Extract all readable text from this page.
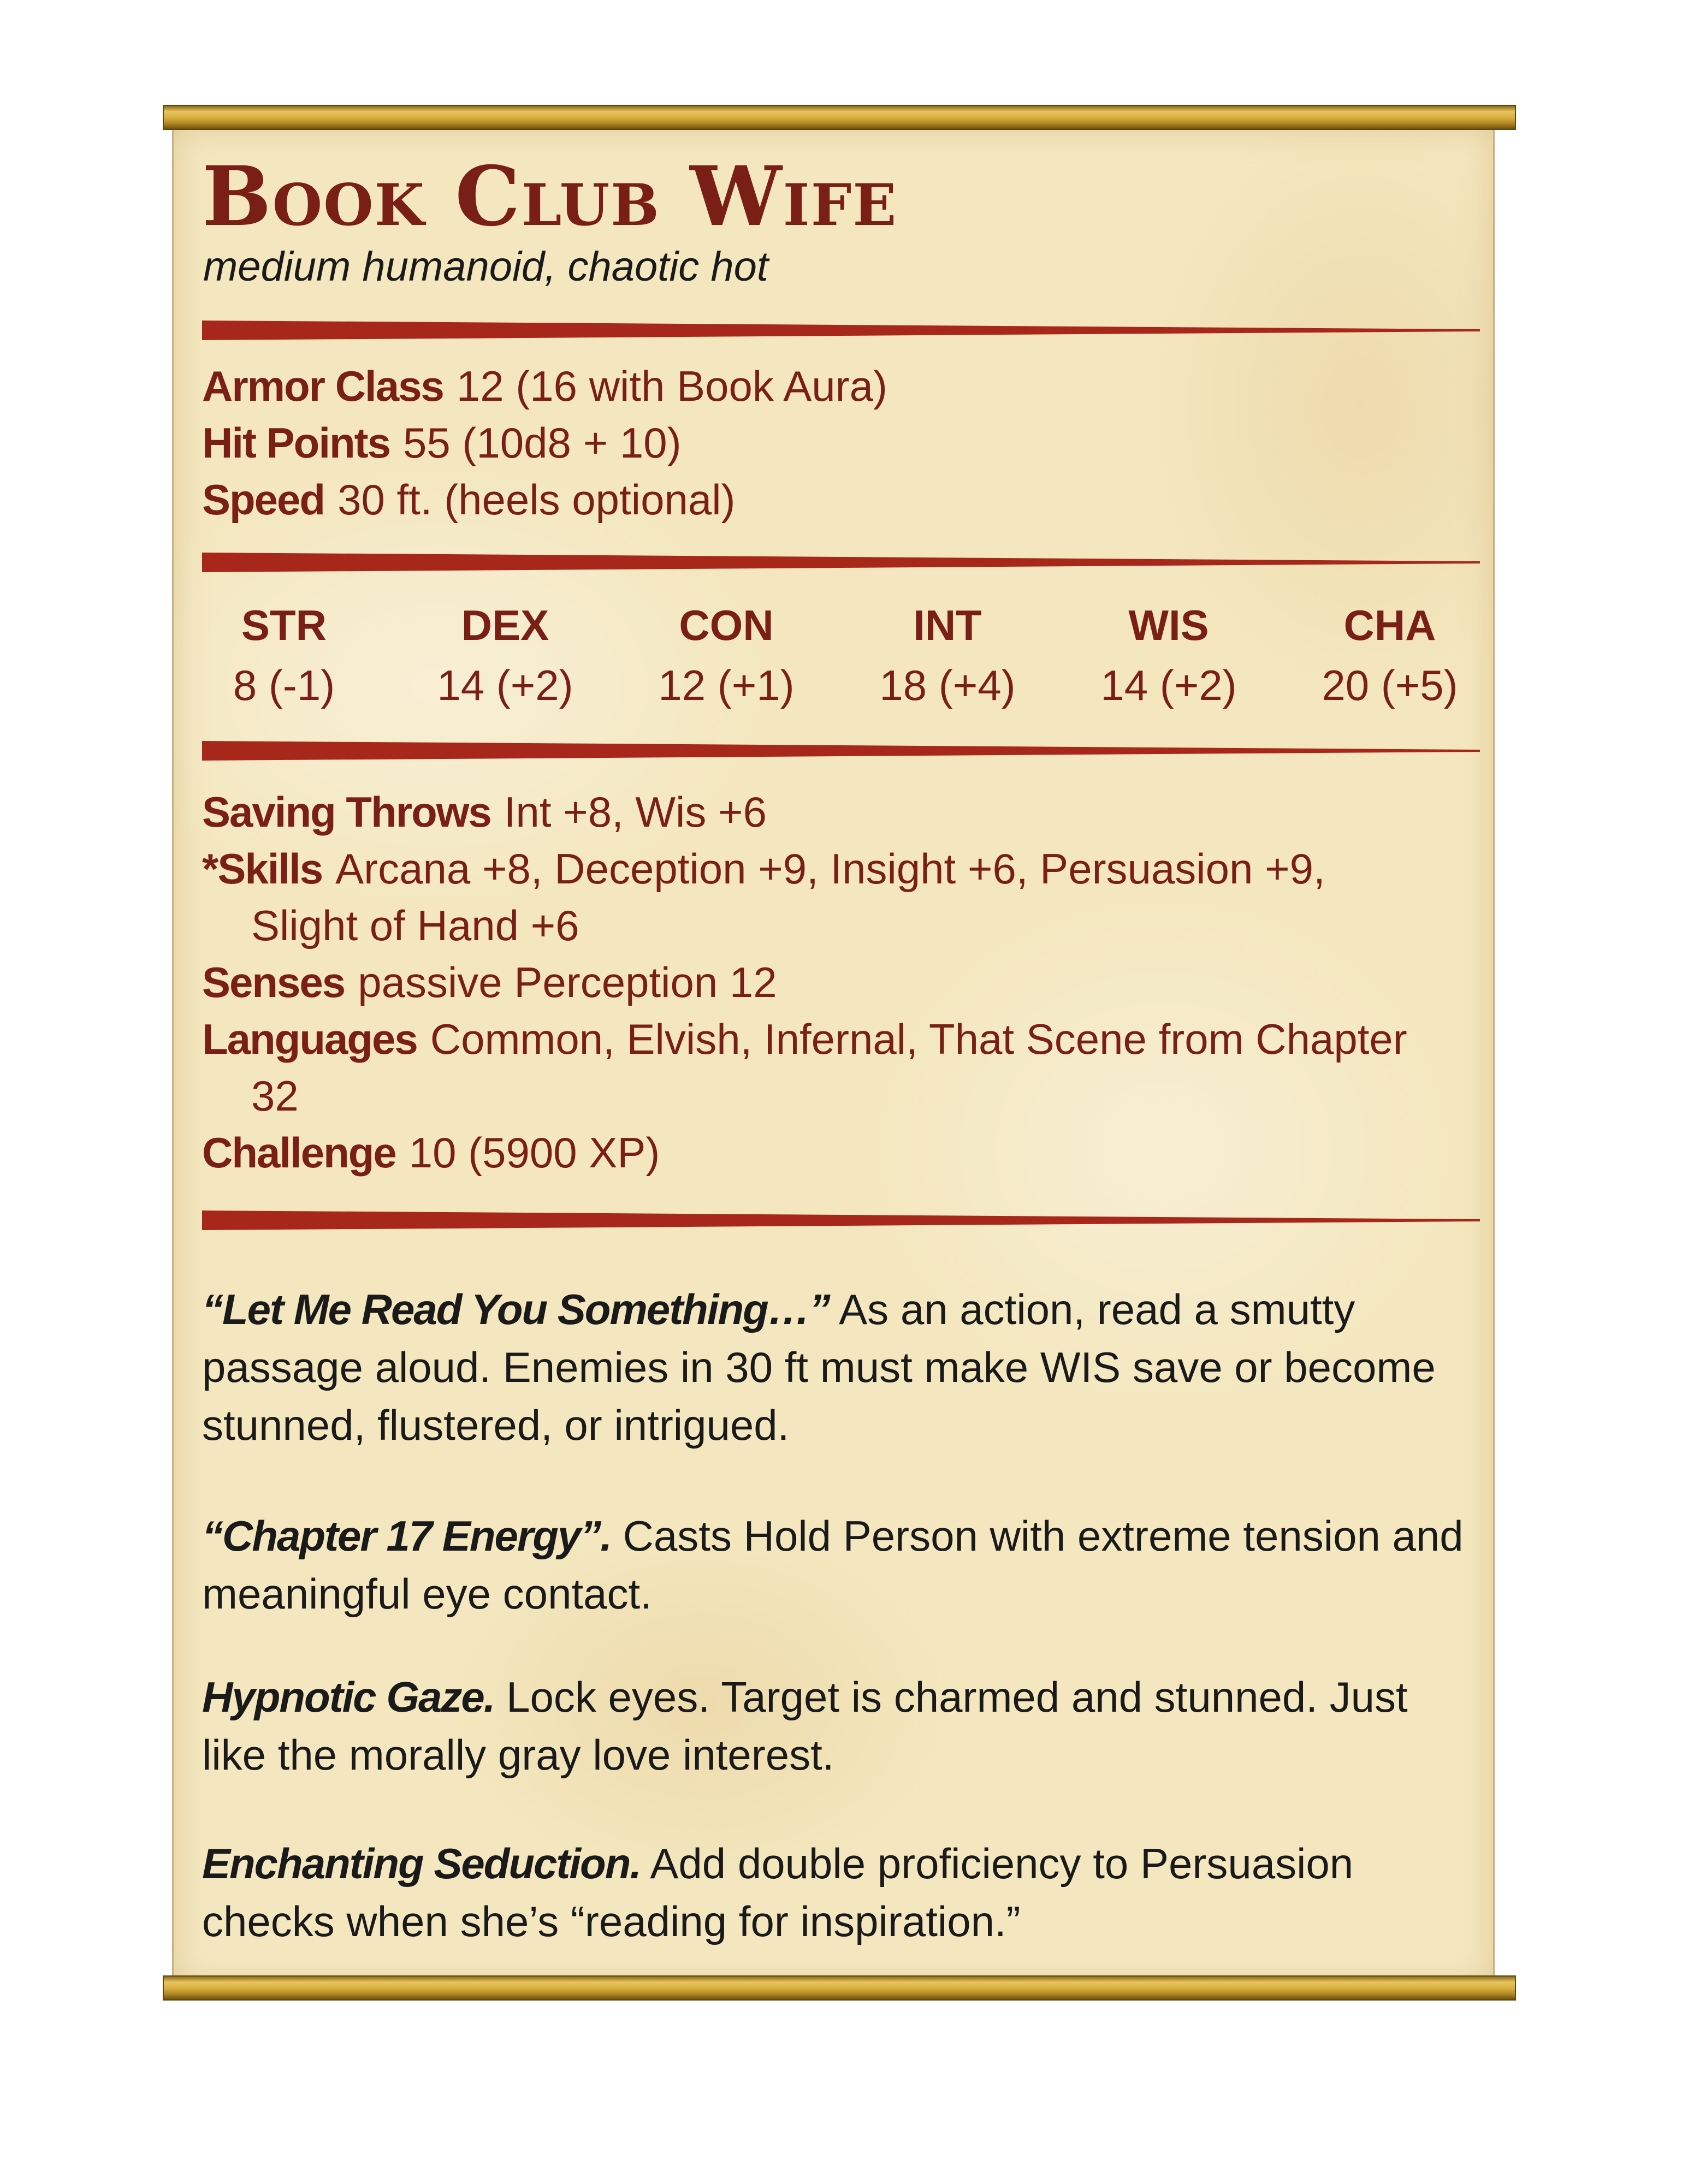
Book Club Wife
medium humanoid, chaotic hot
Armor Class 12 (16 with Book Aura)
Hit Points 55 (10d8 + 10)
Speed 30 ft. (heels optional)
STR
8 (-1)
DEX
14 (+2)
CON
12 (+1)
INT
18 (+4)
WIS
14 (+2)
CHA
20 (+5)
Saving Throws Int +8, Wis +6
*Skills Arcana +8, Deception +9, Insight +6, Persuasion +9,
Slight of Hand +6
Senses passive Perception 12
Languages Common, Elvish, Infernal, That Scene from Chapter
32
Challenge 10 (5900 XP)
“Let Me Read You Something…” As an action, read a smutty passage aloud. Enemies in 30 ft must make WIS save or become stunned, flustered, or intrigued.
“Chapter 17 Energy”. Casts Hold Person with extreme tension and meaningful eye contact.
Hypnotic Gaze. Lock eyes. Target is charmed and stunned. Just like the morally gray love interest.
Enchanting Seduction. Add double proficiency to Persuasion checks when she’s “reading for inspiration.”
